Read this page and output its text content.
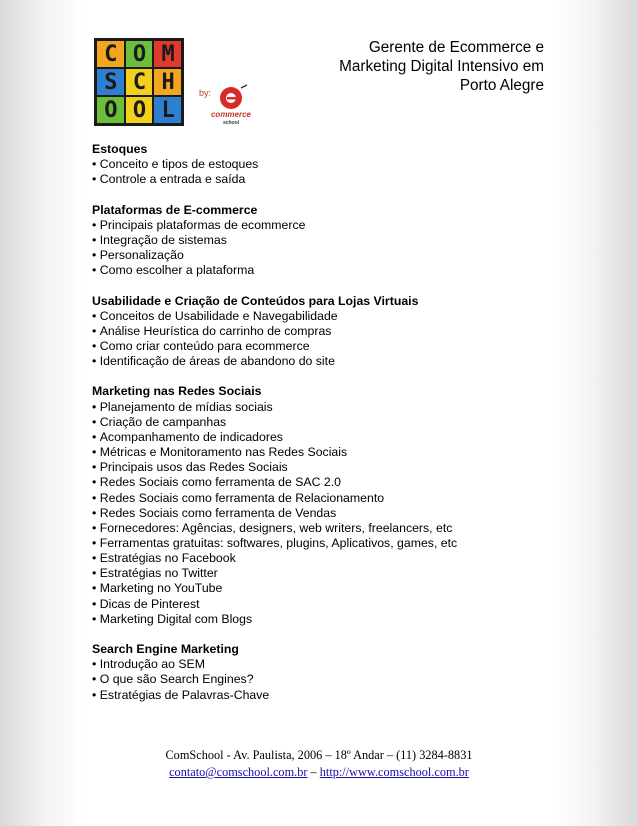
C O M
S C H
O O L
by:
commerce
school
Gerente de Ecommerce e
Marketing Digital Intensivo em
Porto Alegre
Estoques
• Conceito e tipos de estoques
• Controle a entrada e saída
Plataformas de E-commerce
• Principais plataformas de ecommerce
• Integração de sistemas
• Personalização
• Como escolher a plataforma
Usabilidade e Criação de Conteúdos para Lojas Virtuais
• Conceitos de Usabilidade e Navegabilidade
• Análise Heurística do carrinho de compras
• Como criar conteúdo para ecommerce
• Identificação de áreas de abandono do site
Marketing nas Redes Sociais
• Planejamento de mídias sociais
• Criação de campanhas
• Acompanhamento de indicadores
• Métricas e Monitoramento nas Redes Sociais
• Principais usos das Redes Sociais
• Redes Sociais como ferramenta de SAC 2.0
• Redes Sociais como ferramenta de Relacionamento
• Redes Sociais como ferramenta de Vendas
• Fornecedores: Agências, designers, web writers, freelancers, etc
• Ferramentas gratuitas: softwares, plugins, Aplicativos, games, etc
• Estratégias no Facebook
• Estratégias no Twitter
• Marketing no YouTube
• Dicas de Pinterest
• Marketing Digital com Blogs
Search Engine Marketing
• Introdução ao SEM
• O que são Search Engines?
• Estratégias de Palavras-Chave
ComSchool - Av. Paulista, 2006 – 18º Andar – (11) 3284-8831
contato@comschool.com.br – http://www.comschool.com.br
